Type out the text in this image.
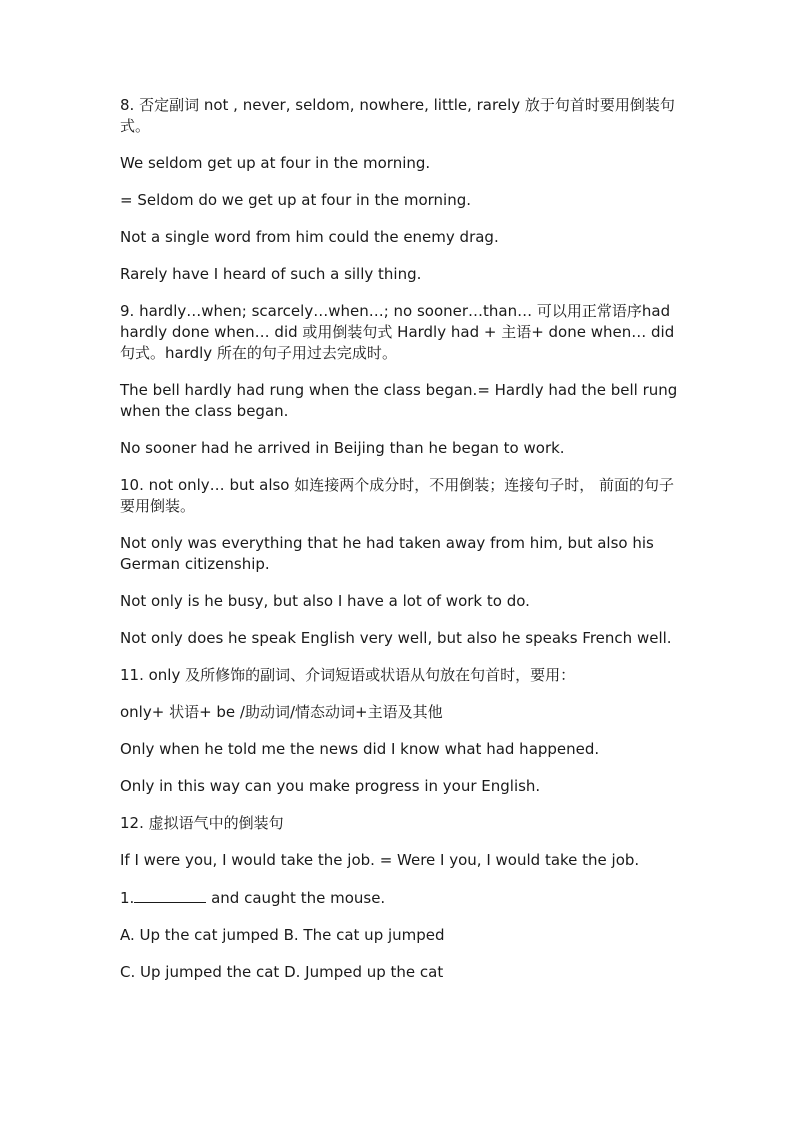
8. 否定副词 not , never, seldom, nowhere, little, rarely 放于句首时要用倒装句式。

We seldom get up at four in the morning.

= Seldom do we get up at four in the morning.

Not a single word from him could the enemy drag.

Rarely have I heard of such a silly thing.

9. hardly…when; scarcely…when…; no sooner…than… 可以用正常语序had hardly done when… did 或用倒装句式 Hardly had + 主语+ done when… did 句式。hardly 所在的句子用过去完成时。

The bell hardly had rung when the class began.= Hardly had the bell rung when the class began.

No sooner had he arrived in Beijing than he began to work.

10. not only… but also 如连接两个成分时，不用倒装；连接句子时， 前面的句子要用倒装。

Not only was everything that he had taken away from him, but also his German citizenship.

Not only is he busy, but also I have a lot of work to do.

Not only does he speak English very well, but also he speaks French well.

11. only 及所修饰的副词、介词短语或状语从句放在句首时，要用：

only+ 状语+ be /助动词/情态动词+主语及其他

Only when he told me the news did I know what had happened.

Only in this way can you make progress in your English.

12. 虚拟语气中的倒装句

If I were you, I would take the job. = Were I you, I would take the job.

1.	and caught the mouse.

A. Up the cat jumped B. The cat up jumped

C. Up jumped the cat D. Jumped up the cat
